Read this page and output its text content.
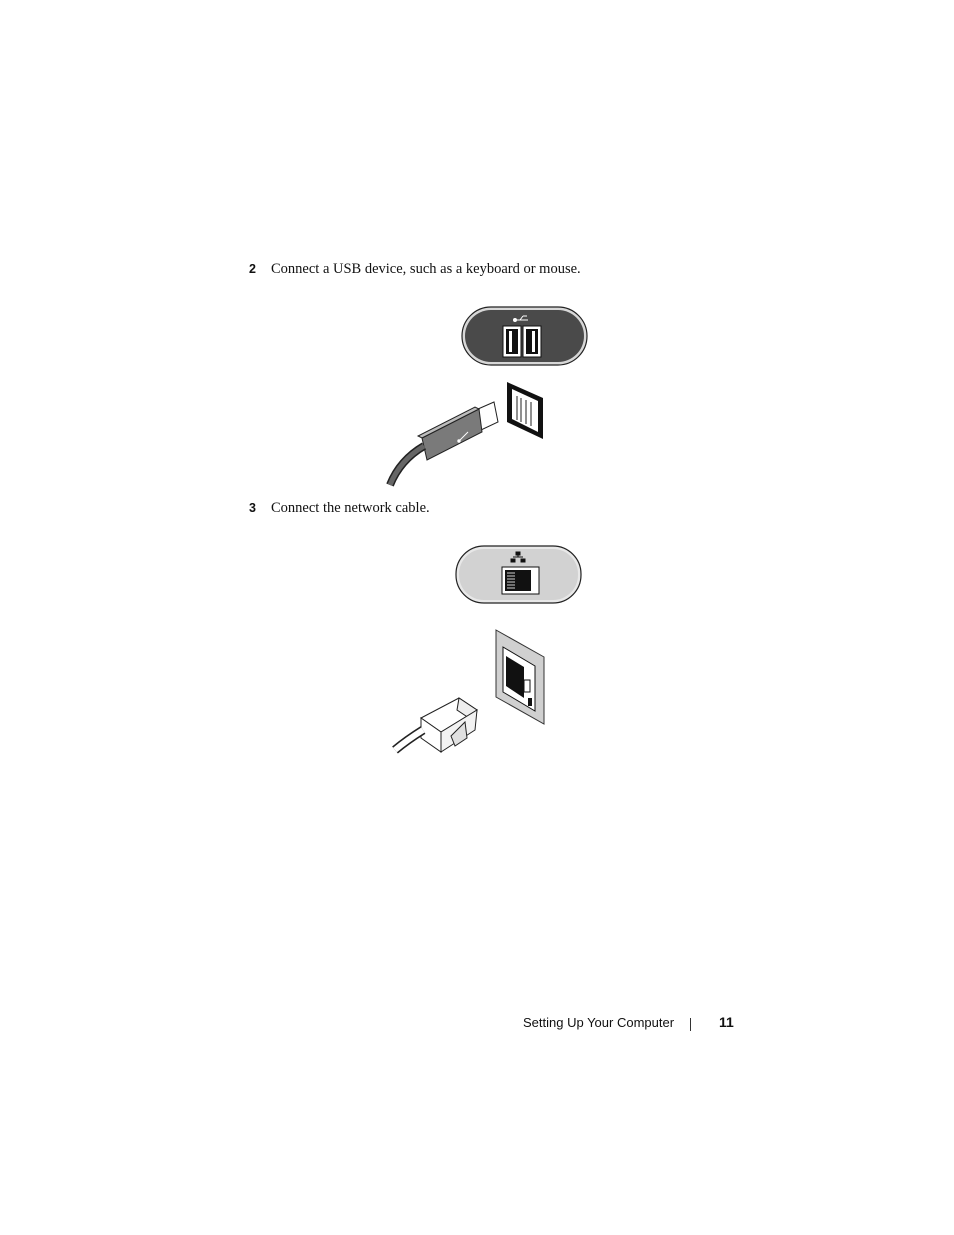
2 Connect a USB device, such as a keyboard or mouse.
3 Connect the network cable.
Setting Up Your Computer	11
